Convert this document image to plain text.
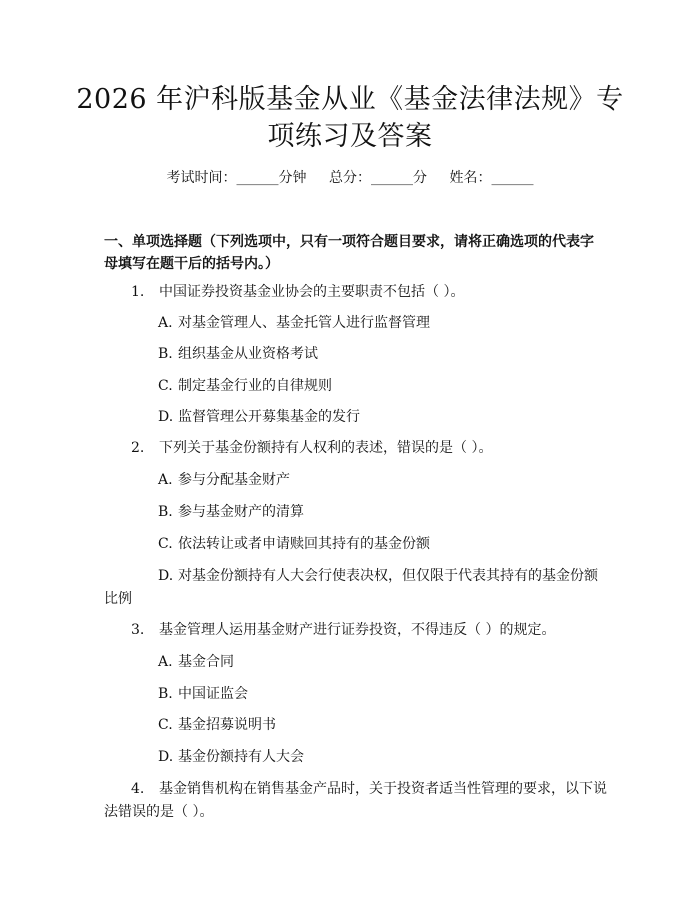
2026 年沪科版基金从业《基金法律法规》专
项练习及答案
考试时间：______分钟 总分：______分 姓名：______
一、单项选择题（下列选项中，只有一项符合题目要求，请将正确选项的代表字
母填写在题干后的括号内。）
1. 中国证券投资基金业协会的主要职责不包括（ ）。
A. 对基金管理人、基金托管人进行监督管理
B. 组织基金从业资格考试
C. 制定基金行业的自律规则
D. 监督管理公开募集基金的发行
2. 下列关于基金份额持有人权利的表述，错误的是（ ）。
A. 参与分配基金财产
B. 参与基金财产的清算
C. 依法转让或者申请赎回其持有的基金份额
D. 对基金份额持有人大会行使表决权，但仅限于代表其持有的基金份额
比例
3. 基金管理人运用基金财产进行证券投资，不得违反（ ）的规定。
A. 基金合同
B. 中国证监会
C. 基金招募说明书
D. 基金份额持有人大会
4. 基金销售机构在销售基金产品时，关于投资者适当性管理的要求，以下说
法错误的是（ ）。
